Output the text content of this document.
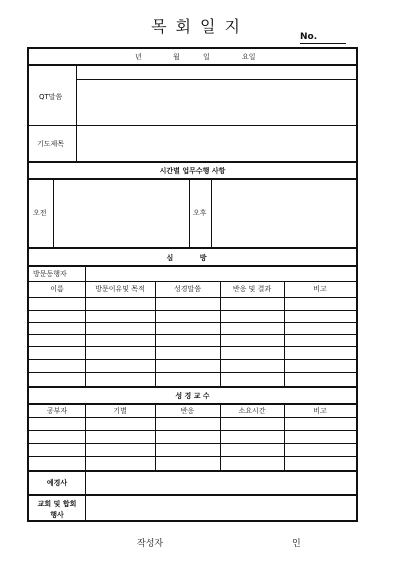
목회일지
No.
년	월	일	요일
QT말씀
기도제목
시간별 업무수행 사항
오전	오후
심 방
방문동행자
이름	방문이유및 목적	성경말씀	반응 및 결과	비고
성 경 교 수
공부자	기별	반응	소요시간	비고
예경사
교회 및 합회행사
작성자	인
